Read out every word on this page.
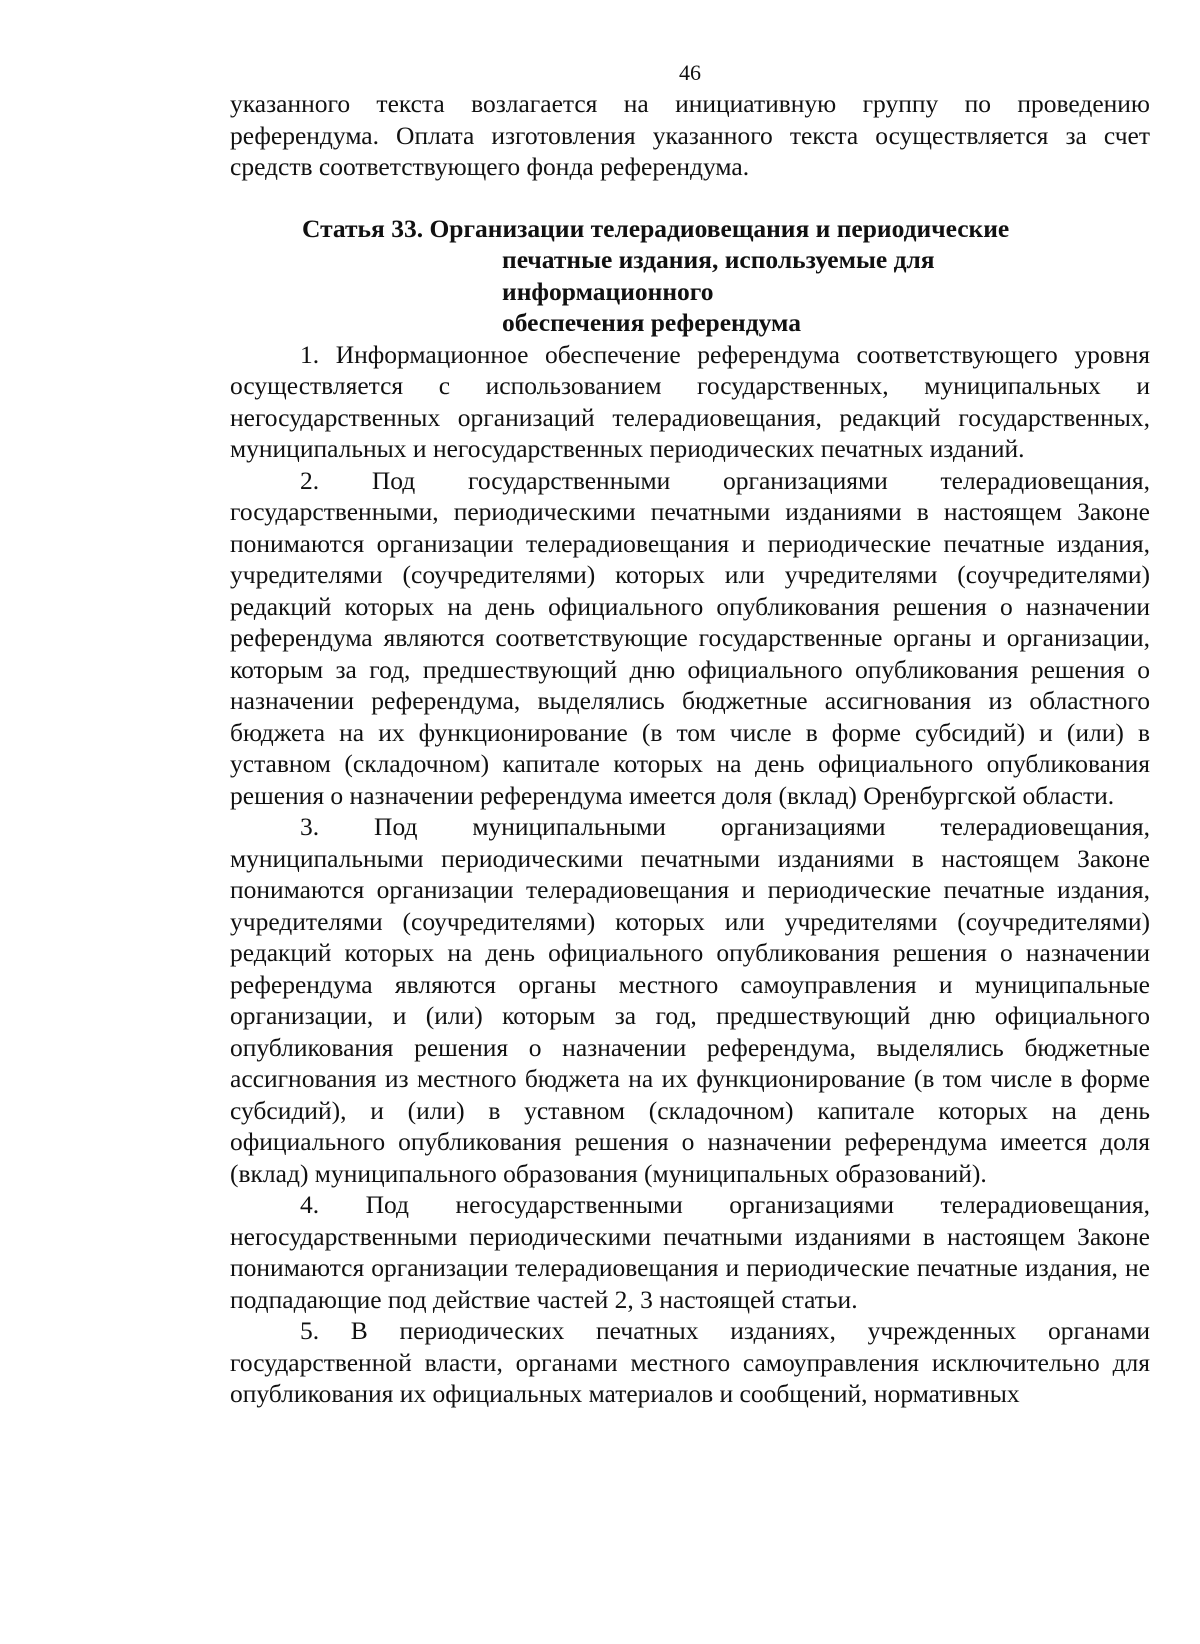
46

указанного текста возлагается на инициативную группу по проведению референдума. Оплата изготовления указанного текста осуществляется за счет средств соответствующего фонда референдума.

Статья 33. Организации телерадиовещания и периодические
печатные издания, используемые для информационного
обеспечения референдума

1. Информационное обеспечение референдума соответствующего уровня осуществляется с использованием государственных, муниципальных и негосударственных организаций телерадиовещания, редакций государственных, муниципальных и негосударственных периодических печатных изданий.

2. Под государственными организациями телерадиовещания, государственными, периодическими печатными изданиями в настоящем Законе понимаются организации телерадиовещания и периодические печатные издания, учредителями (соучредителями) которых или учредителями (соучредителями) редакций которых на день официального опубликования решения о назначении референдума являются соответствующие государственные органы и организации, которым за год, предшествующий дню официального опубликования решения о назначении референдума, выделялись бюджетные ассигнования из областного бюджета на их функционирование (в том числе в форме субсидий) и (или) в уставном (складочном) капитале которых на день официального опубликования решения о назначении референдума имеется доля (вклад) Оренбургской области.

3. Под муниципальными организациями телерадиовещания, муниципальными периодическими печатными изданиями в настоящем Законе понимаются организации телерадиовещания и периодические печатные издания, учредителями (соучредителями) которых или учредителями (соучредителями) редакций которых на день официального опубликования решения о назначении референдума являются органы местного самоуправления и муниципальные организации, и (или) которым за год, предшествующий дню официального опубликования решения о назначении референдума, выделялись бюджетные ассигнования из местного бюджета на их функционирование (в том числе в форме субсидий), и (или) в уставном (складочном) капитале которых на день официального опубликования решения о назначении референдума имеется доля (вклад) муниципального образования (муниципальных образований).

4. Под негосударственными организациями телерадиовещания, негосударственными периодическими печатными изданиями в настоящем Законе понимаются организации телерадиовещания и периодические печатные издания, не подпадающие под действие частей 2, 3 настоящей статьи.

5. В периодических печатных изданиях, учрежденных органами государственной власти, органами местного самоуправления исключительно для опубликования их официальных материалов и сообщений, нормативных
